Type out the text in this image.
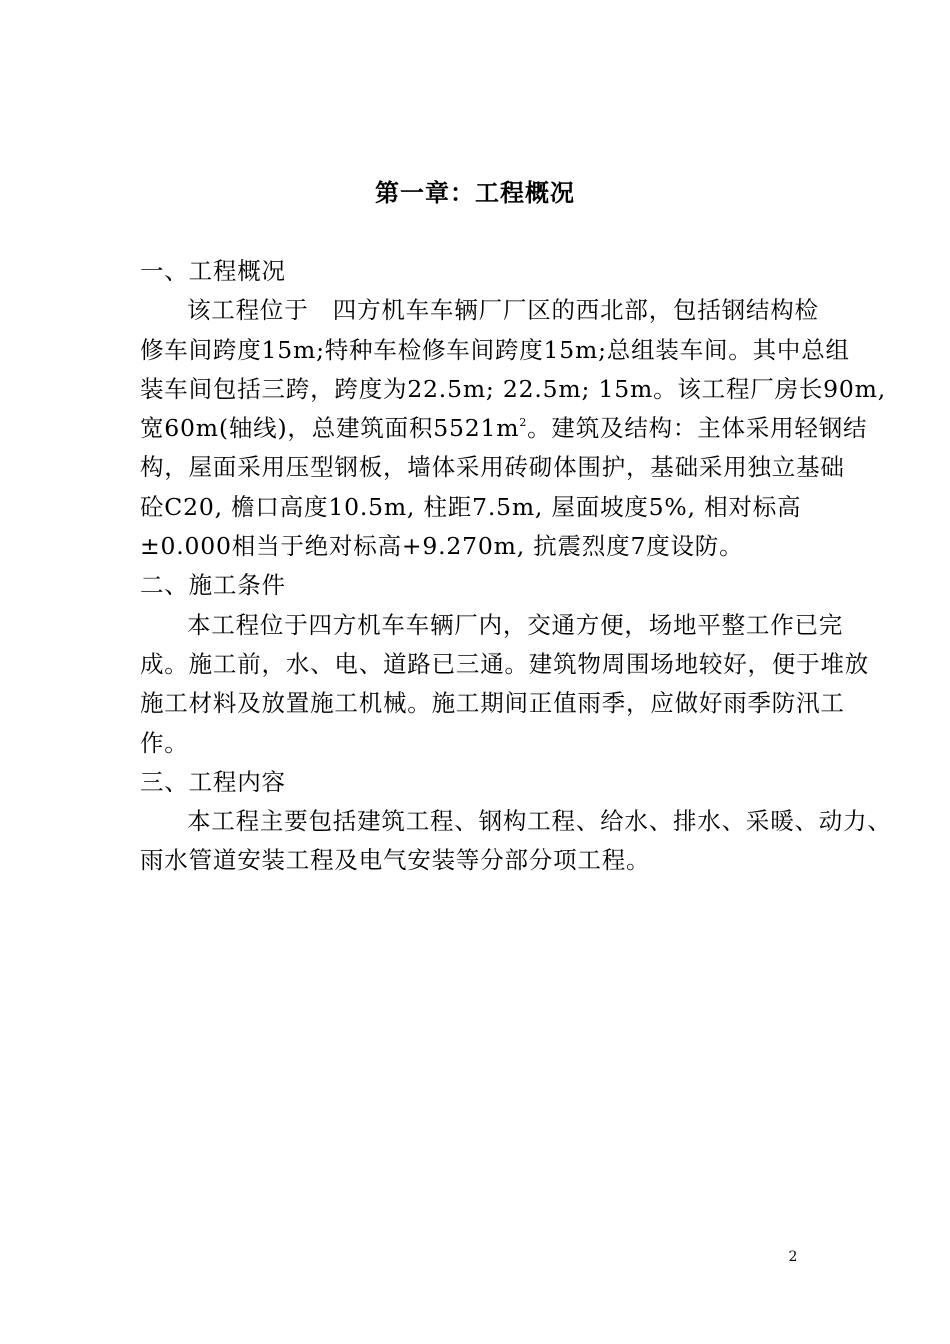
第一章：工程概况
一、工程概况
该工程位于　四方机车车辆厂厂区的西北部，包括钢结构检
修车间跨度15m;特种车检修车间跨度15m;总组装车间。其中总组
装车间包括三跨，跨度为22.5m; 22.5m; 15m。该工程厂房长90m,
宽60m(轴线)，总建筑面积$5521m^2$。建筑及结构：主体采用轻钢结
构，屋面采用压型钢板，墙体采用砖砌体围护，基础采用独立基础
砼C20, 檐口高度10.5m, 柱距7.5m, 屋面坡度5%, 相对标高
±0.000相当于绝对标高+9.270m, 抗震烈度7度设防。
二、施工条件
本工程位于四方机车车辆厂内，交通方便，场地平整工作已完
成。施工前，水、电、道路已三通。建筑物周围场地较好，便于堆放
施工材料及放置施工机械。施工期间正值雨季，应做好雨季防汛工
作。
三、工程内容
本工程主要包括建筑工程、钢构工程、给水、排水、采暖、动力、
雨水管道安装工程及电气安装等分部分项工程。
2
